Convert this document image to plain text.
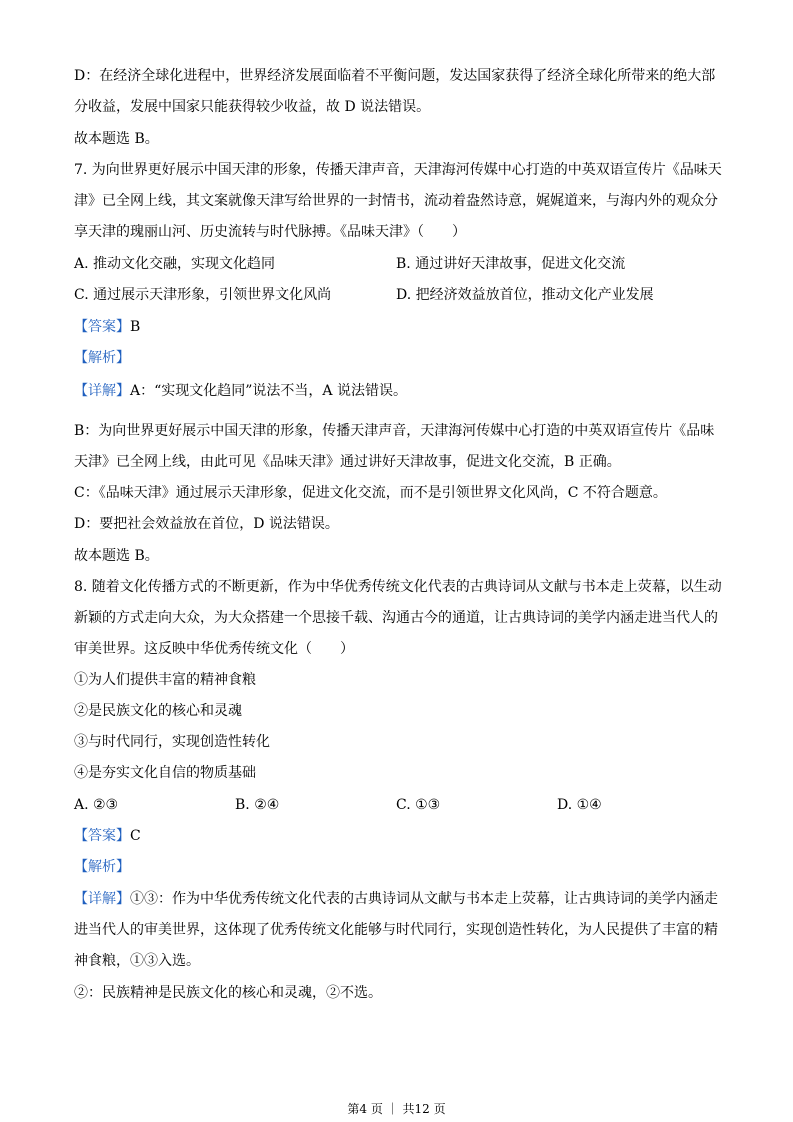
D：在经济全球化进程中，世界经济发展面临着不平衡问题，发达国家获得了经济全球化所带来的绝大部
分收益，发展中国家只能获得较少收益，故 D 说法错误。
故本题选 B。
7. 为向世界更好展示中国天津的形象，传播天津声音，天津海河传媒中心打造的中英双语宣传片《品味天
津》已全网上线，其文案就像天津写给世界的一封情书，流动着盎然诗意，娓娓道来，与海内外的观众分
享天津的瑰丽山河、历史流转与时代脉搏。《品味天津》（　　）
A. 推动文化交融，实现文化趋同	B. 通过讲好天津故事，促进文化交流
C. 通过展示天津形象，引领世界文化风尚	D. 把经济效益放首位，推动文化产业发展
【答案】B
【解析】
【详解】A：“实现文化趋同”说法不当，A 说法错误。
B：为向世界更好展示中国天津的形象，传播天津声音，天津海河传媒中心打造的中英双语宣传片《品味
天津》已全网上线，由此可见《品味天津》通过讲好天津故事，促进文化交流，B 正确。
C：《品味天津》通过展示天津形象，促进文化交流，而不是引领世界文化风尚，C 不符合题意。
D：要把社会效益放在首位，D 说法错误。
故本题选 B。
8. 随着文化传播方式的不断更新，作为中华优秀传统文化代表的古典诗词从文献与书本走上荧幕，以生动
新颖的方式走向大众，为大众搭建一个思接千载、沟通古今的通道，让古典诗词的美学内涵走进当代人的
审美世界。这反映中华优秀传统文化（　　）
①为人们提供丰富的精神食粮
②是民族文化的核心和灵魂
③与时代同行，实现创造性转化
④是夯实文化自信的物质基础
A. ②③	B. ②④	C. ①③	D. ①④
【答案】C
【解析】
【详解】①③：作为中华优秀传统文化代表的古典诗词从文献与书本走上荧幕，让古典诗词的美学内涵走
进当代人的审美世界，这体现了优秀传统文化能够与时代同行，实现创造性转化，为人民提供了丰富的精
神食粮，①③入选。
②：民族精神是民族文化的核心和灵魂，②不选。
第4 页 ｜ 共12 页
